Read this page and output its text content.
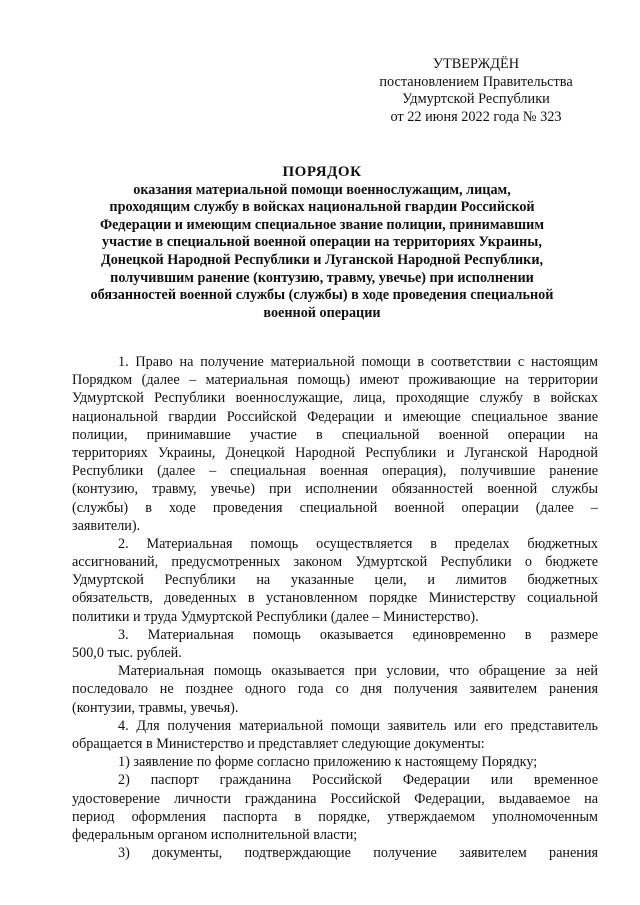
УТВЕРЖДЁН
постановлением Правительства
Удмуртской Республики
от 22 июня 2022 года № 323
ПОРЯДОК
оказания материальной помощи военнослужащим, лицам,
проходящим службу в войсках национальной гвардии Российской
Федерации и имеющим специальное звание полиции, принимавшим
участие в специальной военной операции на территориях Украины,
Донецкой Народной Республики и Луганской Народной Республики,
получившим ранение (контузию, травму, увечье) при исполнении
обязанностей военной службы (службы) в ходе проведения специальной
военной операции
1. Право на получение материальной помощи в соответствии с настоящим
Порядком (далее – материальная помощь) имеют проживающие на территории
Удмуртской Республики военнослужащие, лица, проходящие службу в войсках
национальной гвардии Российской Федерации и имеющие специальное звание
полиции, принимавшие участие в специальной военной операции на
территориях Украины, Донецкой Народной Республики и Луганской Народной
Республики (далее – специальная военная операция), получившие ранение
(контузию, травму, увечье) при исполнении обязанностей военной службы
(службы) в ходе проведения специальной военной операции (далее –
заявители).
2. Материальная помощь осуществляется в пределах бюджетных
ассигнований, предусмотренных законом Удмуртской Республики о бюджете
Удмуртской Республики на указанные цели, и лимитов бюджетных
обязательств, доведенных в установленном порядке Министерству социальной
политики и труда Удмуртской Республики (далее – Министерство).
3. Материальная помощь оказывается единовременно в размере
500,0 тыс. рублей.
Материальная помощь оказывается при условии, что обращение за ней
последовало не позднее одного года со дня получения заявителем ранения
(контузии, травмы, увечья).
4. Для получения материальной помощи заявитель или его представитель
обращается в Министерство и представляет следующие документы:
1) заявление по форме согласно приложению к настоящему Порядку;
2) паспорт гражданина Российской Федерации или временное
удостоверение личности гражданина Российской Федерации, выдаваемое на
период оформления паспорта в порядке, утверждаемом уполномоченным
федеральным органом исполнительной власти;
3) документы, подтверждающие получение заявителем ранения
